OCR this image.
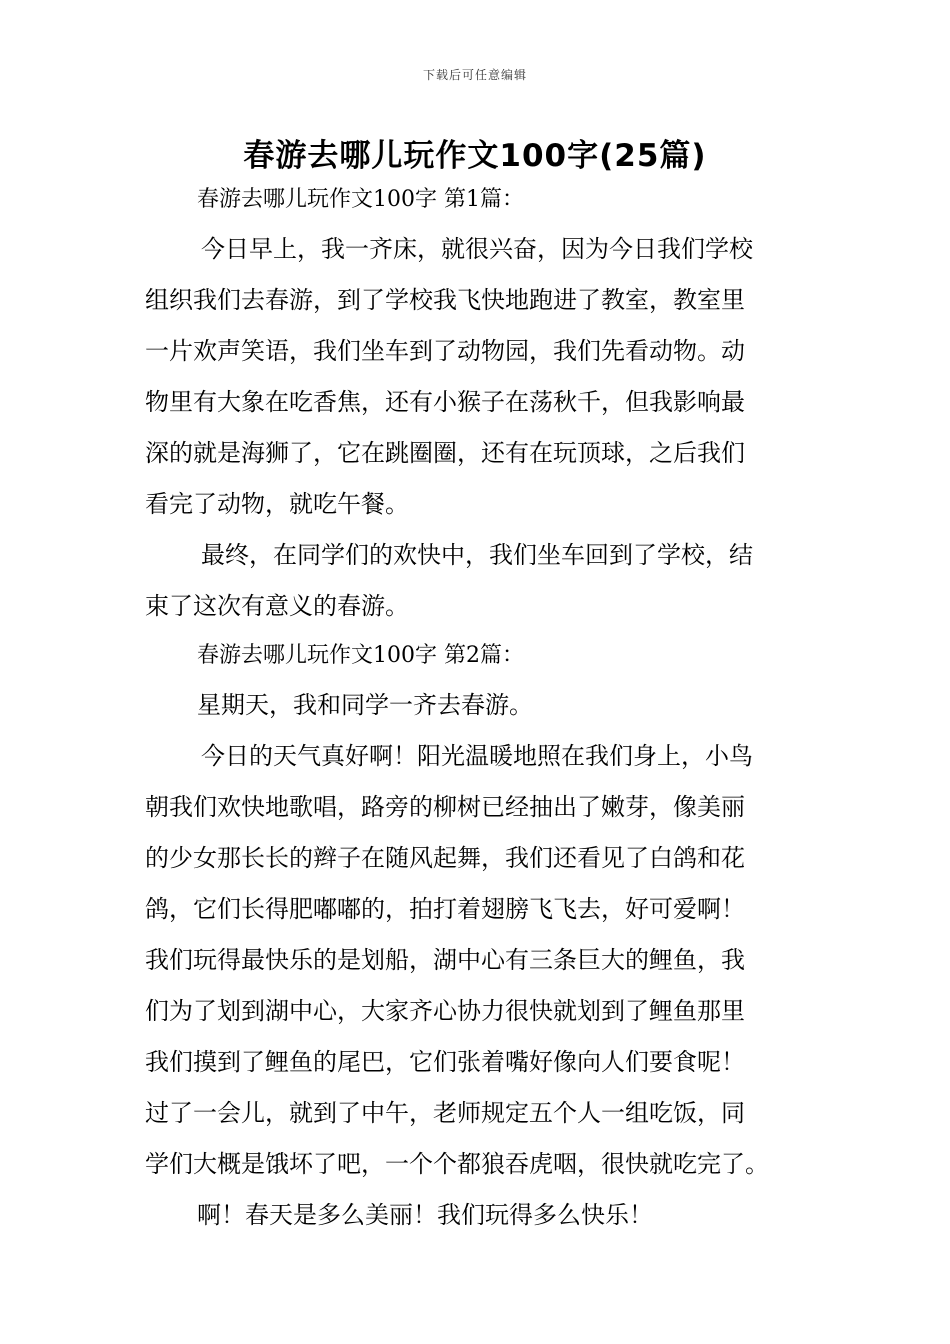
下载后可任意编辑
春游去哪儿玩作文100字(25篇)
春游去哪儿玩作文100字 第1篇：
今日早上，我一齐床，就很兴奋，因为今日我们学校
组织我们去春游，到了学校我飞快地跑进了教室，教室里
一片欢声笑语，我们坐车到了动物园，我们先看动物。动
物里有大象在吃香焦，还有小猴子在荡秋千，但我影响最
深的就是海狮了，它在跳圈圈，还有在玩顶球，之后我们
看完了动物，就吃午餐。
最终，在同学们的欢快中，我们坐车回到了学校，结
束了这次有意义的春游。
春游去哪儿玩作文100字 第2篇：
星期天，我和同学一齐去春游。
今日的天气真好啊！阳光温暖地照在我们身上，小鸟
朝我们欢快地歌唱，路旁的柳树已经抽出了嫩芽，像美丽
的少女那长长的辫子在随风起舞，我们还看见了白鸽和花
鸽，它们长得肥嘟嘟的，拍打着翅膀飞飞去，好可爱啊！
我们玩得最快乐的是划船，湖中心有三条巨大的鲤鱼，我
们为了划到湖中心，大家齐心协力很快就划到了鲤鱼那里
我们摸到了鲤鱼的尾巴，它们张着嘴好像向人们要食呢！
过了一会儿，就到了中午，老师规定五个人一组吃饭，同
学们大概是饿坏了吧，一个个都狼吞虎咽，很快就吃完了。
啊！春天是多么美丽！我们玩得多么快乐！
